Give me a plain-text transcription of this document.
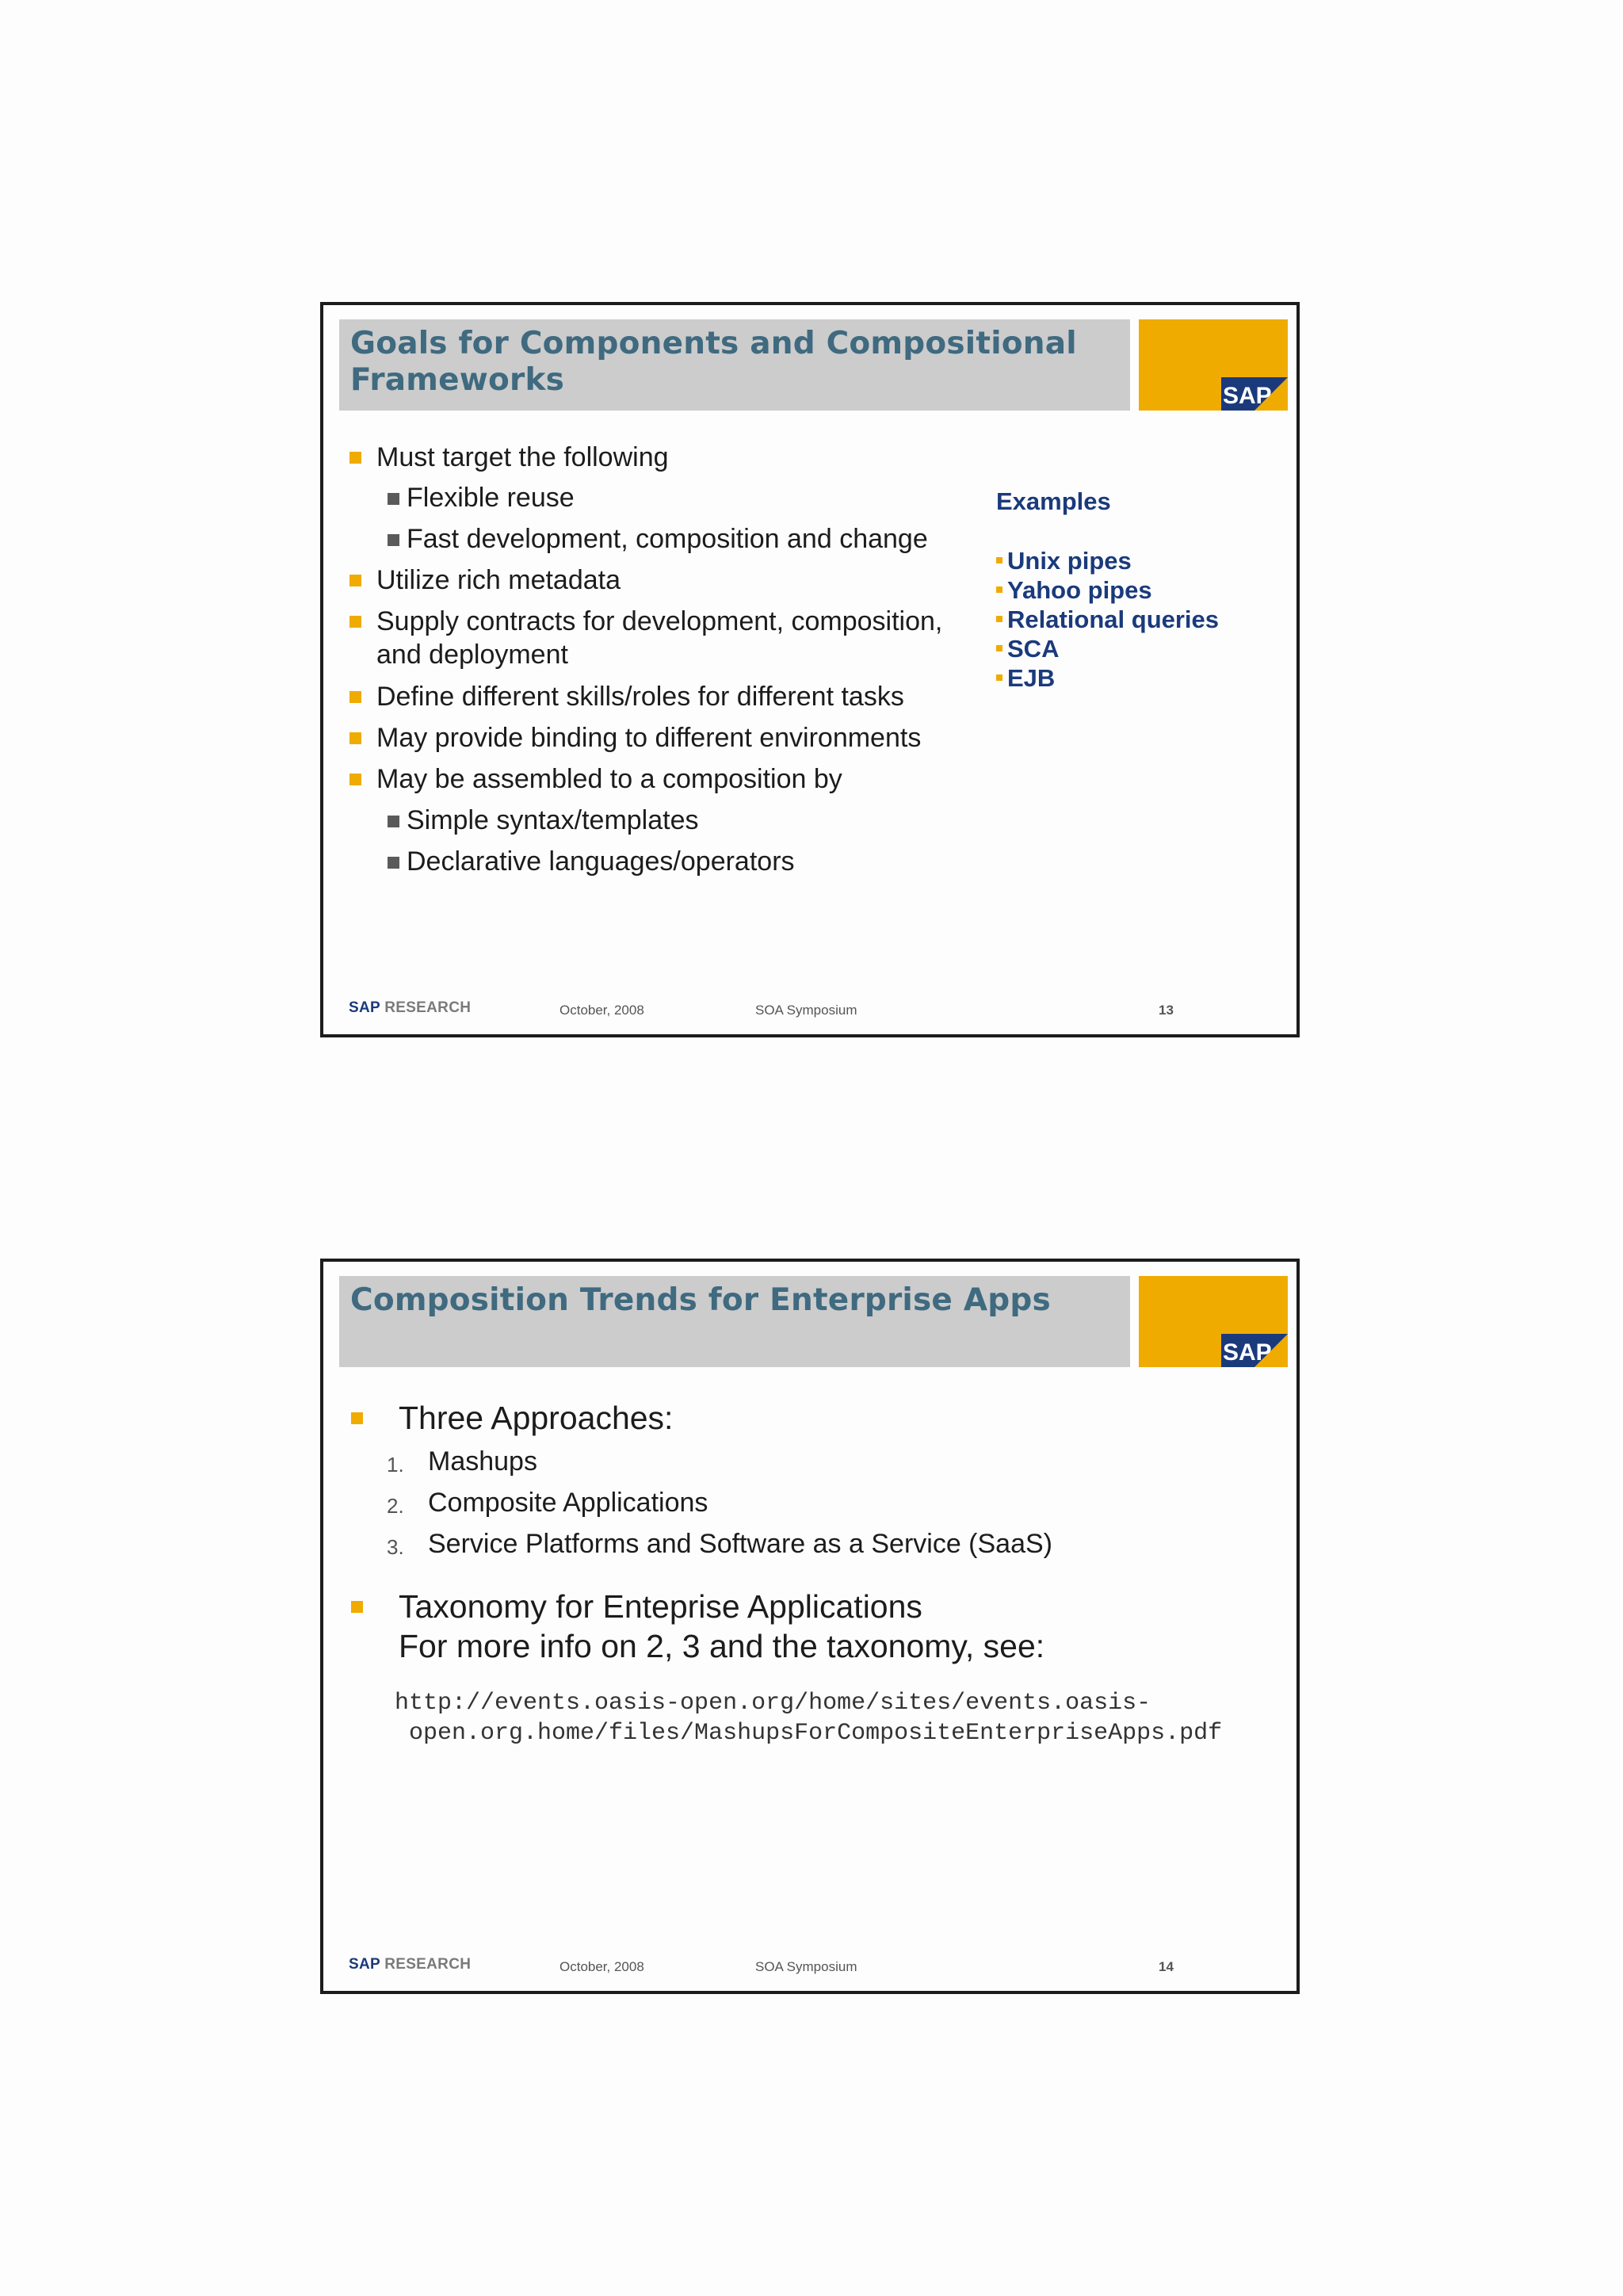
Goals for Components and Compositional
Frameworks	SAP
Must target the following
Flexible reuse
Fast development, composition and change
Utilize rich metadata
Supply contracts for development, composition,
and deployment
Define different skills/roles for different tasks
May provide binding to different environments
May be assembled to a composition by
Simple syntax/templates
Declarative languages/operators
Examples
Unix pipes
Yahoo pipes
Relational queries
SCA
EJB
SAP RESEARCH	October, 2008	SOA Symposium	13
Composition Trends for Enterprise Apps
SAP
Three Approaches:
1. Mashups
2. Composite Applications
3. Service Platforms and Software as a Service (SaaS)
Taxonomy for Enteprise Applications
For more info on 2, 3 and the taxonomy, see:
http://events.oasis-open.org/home/sites/events.oasis-
open.org.home/files/MashupsForCompositeEnterpriseApps.pdf
SAP RESEARCH	October, 2008	SOA Symposium	14
